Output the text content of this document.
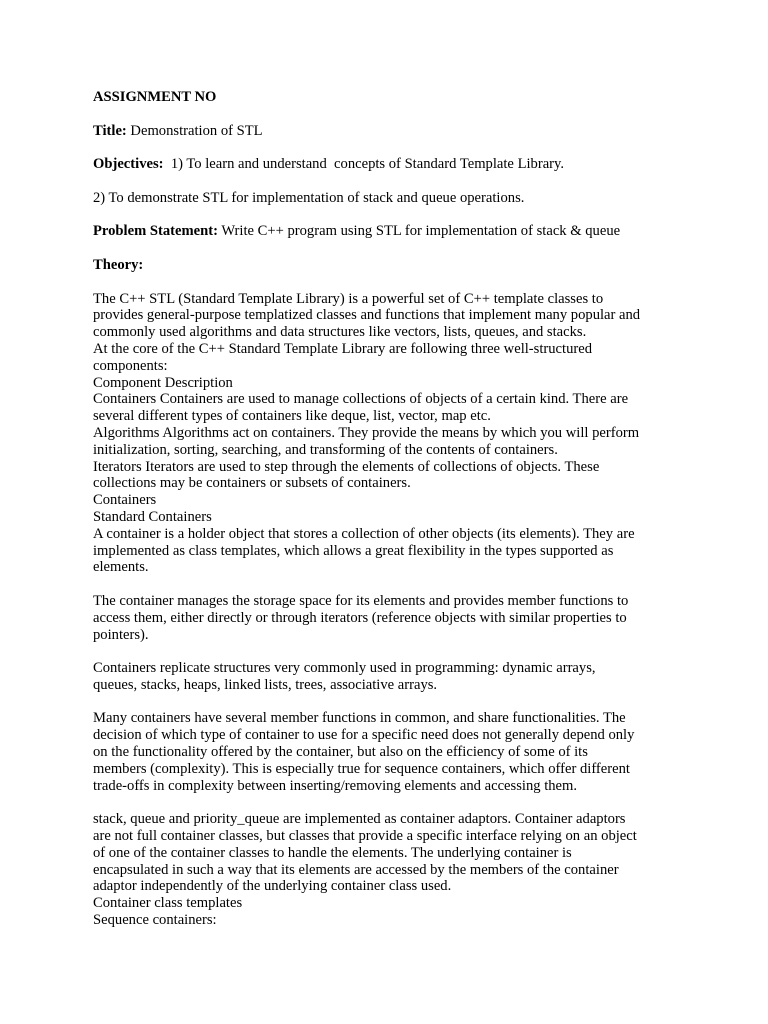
ASSIGNMENT NO

Title: Demonstration of STL

Objectives:  1) To learn and understand  concepts of Standard Template Library.

2) To demonstrate STL for implementation of stack and queue operations.

Problem Statement: Write C++ program using STL for implementation of stack & queue

Theory:

The C++ STL (Standard Template Library) is a powerful set of C++ template classes to

provides general-purpose templatized classes and functions that implement many popular and

commonly used algorithms and data structures like vectors, lists, queues, and stacks.

At the core of the C++ Standard Template Library are following three well-structured

components:

Component Description

Containers Containers are used to manage collections of objects of a certain kind. There are

several different types of containers like deque, list, vector, map etc.

Algorithms Algorithms act on containers. They provide the means by which you will perform

initialization, sorting, searching, and transforming of the contents of containers.

Iterators Iterators are used to step through the elements of collections of objects. These

collections may be containers or subsets of containers.

Containers

Standard Containers

A container is a holder object that stores a collection of other objects (its elements). They are

implemented as class templates, which allows a great flexibility in the types supported as

elements.

The container manages the storage space for its elements and provides member functions to

access them, either directly or through iterators (reference objects with similar properties to

pointers).

Containers replicate structures very commonly used in programming: dynamic arrays,

queues, stacks, heaps, linked lists, trees, associative arrays.

Many containers have several member functions in common, and share functionalities. The

decision of which type of container to use for a specific need does not generally depend only

on the functionality offered by the container, but also on the efficiency of some of its

members (complexity). This is especially true for sequence containers, which offer different

trade-offs in complexity between inserting/removing elements and accessing them.

stack, queue and priority_queue are implemented as container adaptors. Container adaptors

are not full container classes, but classes that provide a specific interface relying on an object

of one of the container classes to handle the elements. The underlying container is

encapsulated in such a way that its elements are accessed by the members of the container

adaptor independently of the underlying container class used.

Container class templates

Sequence containers:
